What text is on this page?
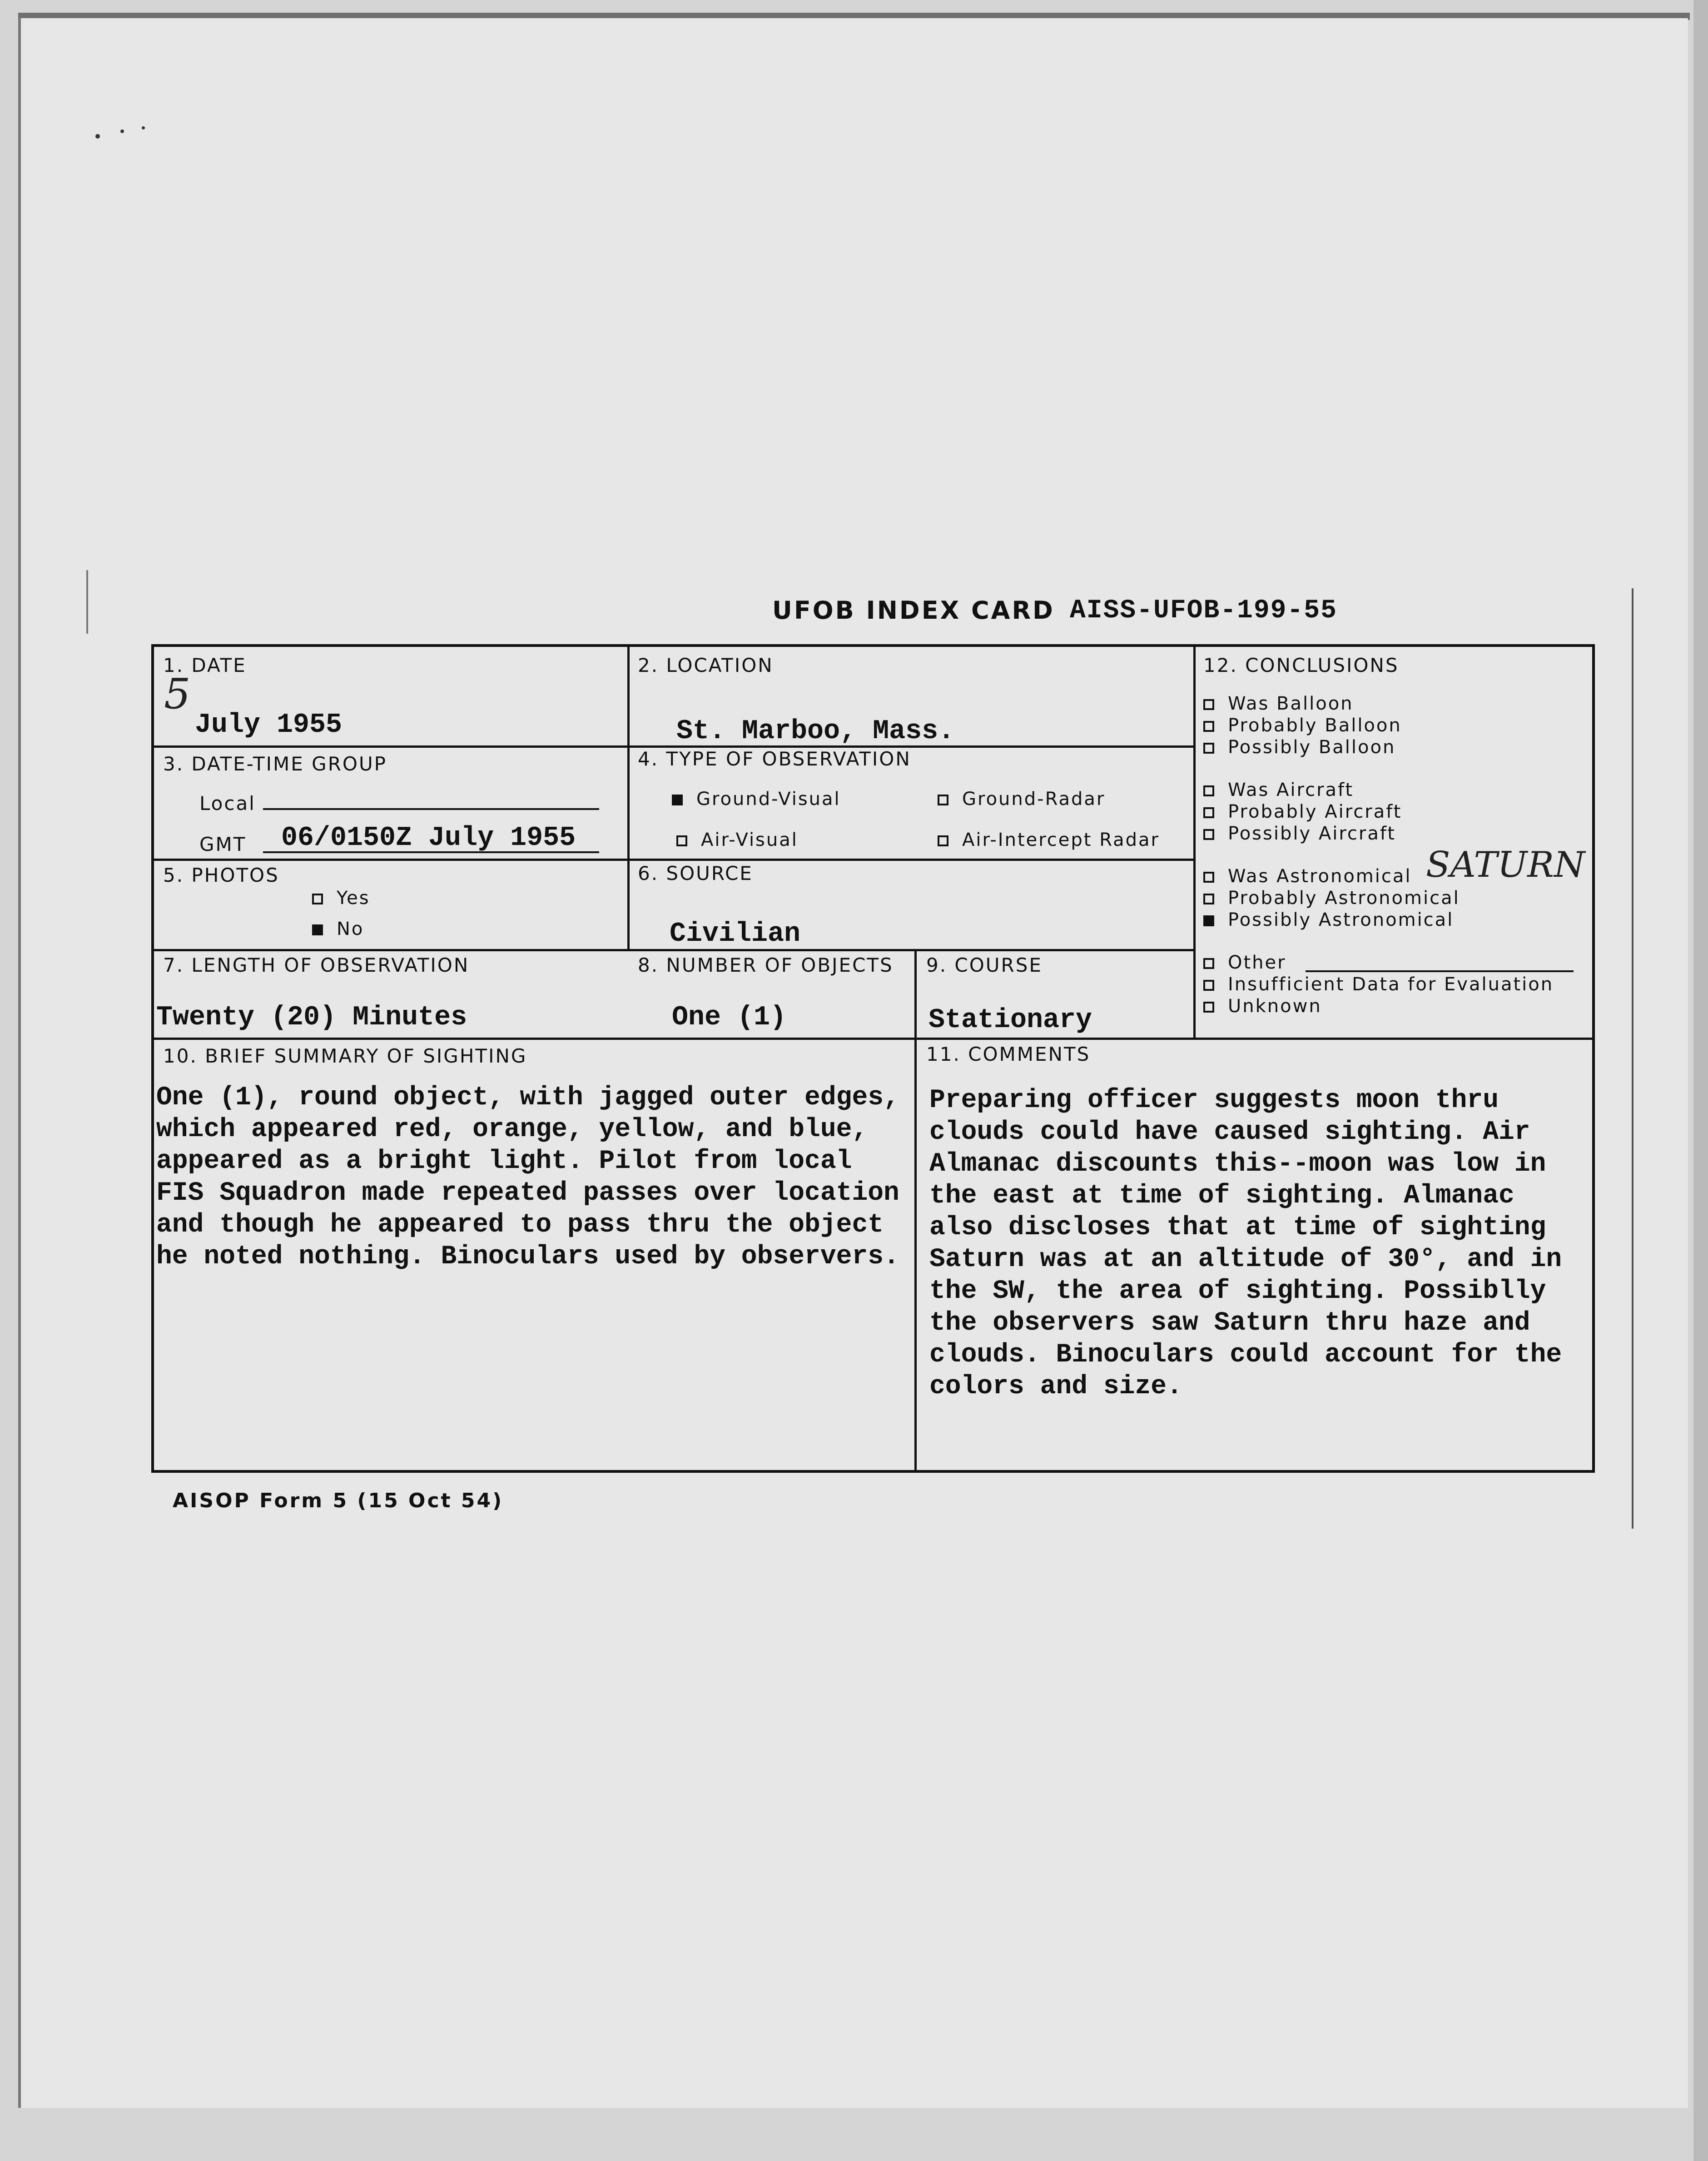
UFOB INDEX CARD AISS-UFOB-199-55
1. DATE
5
July 1955
2. LOCATION
St. Marboo, Mass.
3. DATE-TIME GROUP
Local
GMT 06/0150Z July 1955
4. TYPE OF OBSERVATION
Ground-Visual	Ground-Radar
Air-Visual	Air-Intercept Radar
5. PHOTOS
Yes
No
6. SOURCE
Civilian
7. LENGTH OF OBSERVATION
Twenty (20) Minutes
8. NUMBER OF OBJECTS
One (1)
9. COURSE
Stationary
10. BRIEF SUMMARY OF SIGHTING
One (1), round object, with jagged outer edges,
which appeared red, orange, yellow, and blue,
appeared as a bright light. Pilot from local
FIS Squadron made repeated passes over location
and though he appeared to pass thru the object
he noted nothing. Binoculars used by observers.
11. COMMENTS
Preparing officer suggests moon thru
clouds could have caused sighting. Air
Almanac discounts this--moon was low in
the east at time of sighting. Almanac
also discloses that at time of sighting
Saturn was at an altitude of 30°, and in
the SW, the area of sighting. Possiblly
the observers saw Saturn thru haze and
clouds. Binoculars could account for the
colors and size.
12. CONCLUSIONS
Was Balloon
Probably Balloon
Possibly Balloon
Was Aircraft
Probably Aircraft
Possibly Aircraft
Was Astronomical SATURN
Probably Astronomical
Possibly Astronomical
Other
Insufficient Data for Evaluation
Unknown
AISOP Form 5 (15 Oct 54)
